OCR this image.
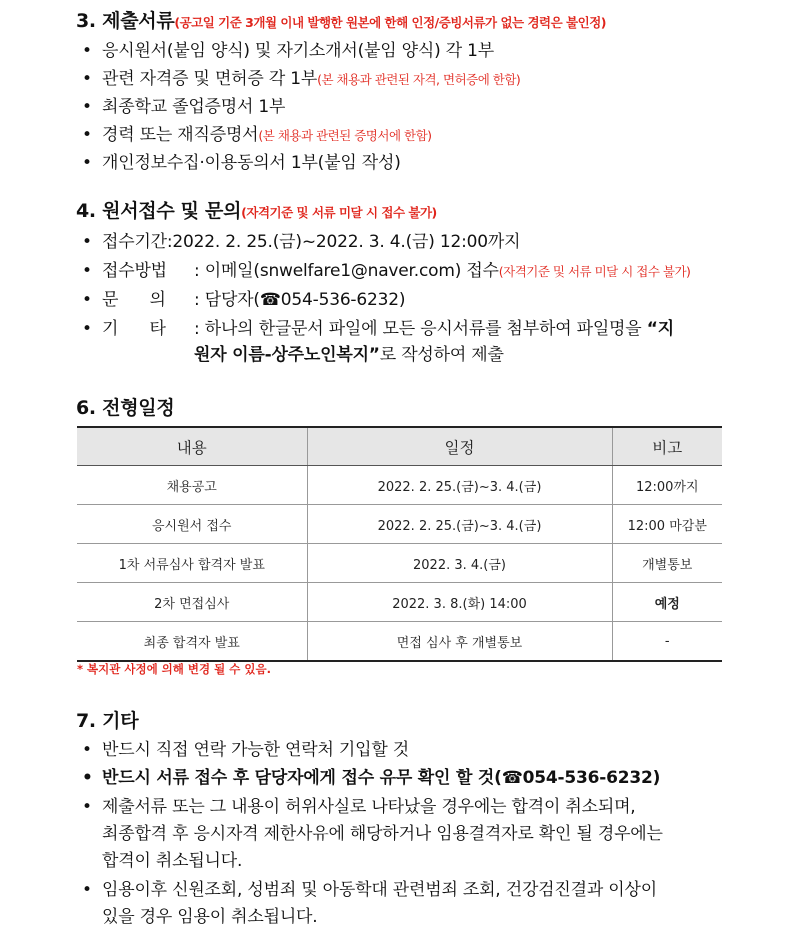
3. 제출서류(공고일 기준 3개월 이내 발행한 원본에 한해 인정/증빙서류가 없는 경력은 불인정)
• 응시원서(붙임 양식) 및 자기소개서(붙임 양식) 각 1부
• 관련 자격증 및 면허증 각 1부(본 채용과 관련된 자격, 면허증에 한함)
• 최종학교 졸업증명서 1부
• 경력 또는 재직증명서(본 채용과 관련된 증명서에 한함)
• 개인정보수집·이용동의서 1부(붙임 작성)
4. 원서접수 및 문의(자격기준 및 서류 미달 시 접수 불가)
• 접수기간:2022. 2. 25.(금)~2022. 3. 4.(금) 12:00까지
• 접수방법 : 이메일(snwelfare1@naver.com) 접수(자격기준 및 서류 미달 시 접수 불가)
• 문      의 : 담당자(☎054-536-6232)
• 기      타 : 하나의 한글문서 파일에 모든 응시서류를 첨부하여 파일명을 “지
원자 이름-상주노인복지”로 작성하여 제출
6. 전형일정
내용	일정	비고
채용공고	2022. 2. 25.(금)~3. 4.(금)	12:00까지
응시원서 접수	2022. 2. 25.(금)~3. 4.(금)	12:00 마감분
1차 서류심사 합격자 발표	2022. 3. 4.(금)	개별통보
2차 면접심사	2022. 3. 8.(화) 14:00	예정
최종 합격자 발표	면접 심사 후 개별통보	-
* 복지관 사정에 의해 변경 될 수 있음.
7. 기타
• 반드시 직접 연락 가능한 연락처 기입할 것
• 반드시 서류 접수 후 담당자에게 접수 유무 확인 할 것(☎054-536-6232)
• 제출서류 또는 그 내용이 허위사실로 나타났을 경우에는 합격이 취소되며,
최종합격 후 응시자격 제한사유에 해당하거나 임용결격자로 확인 될 경우에는
합격이 취소됩니다.
• 임용이후 신원조회, 성범죄 및 아동학대 관련범죄 조회, 건강검진결과 이상이
있을 경우 임용이 취소됩니다.
